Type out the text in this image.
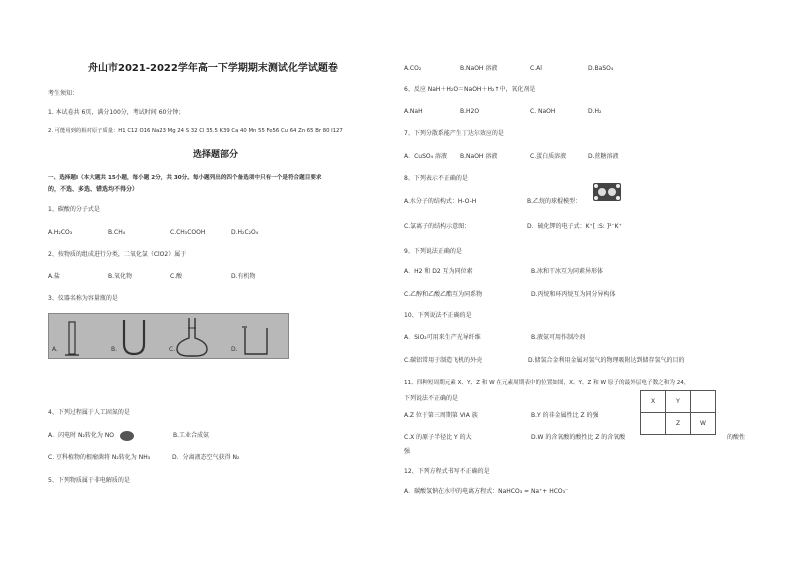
舟山市2021-2022学年高一下学期期末测试化学试题卷
考生须知：
1. 本试卷共 6页，满分100分，考试时间 60分钟；
2. 可能用到的相对原子质量：H1 C12 O16 Na23 Mg 24 S 32 Cl 35.5 K39 Ca 40 Mn 55 Fe56 Cu 64 Zn 65 Br 80 I127
选择题部分
一、选择题Ⅰ（本大题共 15小题，每小题 2分，共 30分。每小题列出的四个备选项中只有一个是符合题目要求
的，不选、多选、错选均不得分）
1、碳酸的分子式是
A.H₂CO₃	B.CH₄	C.CH₃COOH	D.H₂C₂O₄
2、按物质的组成进行分类，二氧化氯（ClO2）属于
A.盐	B.氧化物	C.酸	D.有机物
3、仪器名称为容量瓶的是
A.	B.	C.	D.
4、下列过程属于人工固氮的是
A．闪电时 N₂转化为 NO	B.工业合成氨
C. 豆科植物的根瘤菌将 N₂转化为 NH₃	D．分离液态空气获得 N₂
5、下列物质属于非电解质的是
A.CO₂	B.NaOH 溶液	C.Al	D.BaSO₄
6、反应 NaH＋H₂O＝NaOH＋H₂↑中，氧化剂是
A.NaH	B.H2O	C. NaOH	D.H₂
7、下列分散系能产生丁达尔效应的是
A．CuSO₄ 溶液 B.NaOH 溶液	C.蛋白质溶液	D.蔗糖溶液
8、下列表示不正确的是
A.水分子的结构式：H-O-H	B.乙烷的球棍模型：
C.氯离子的结构示意图：	D．硫化钾的电子式：K⁺[ :S: ]²⁻K⁺
9、下列说法正确的是
A．H2 和 D2 互为同位素	B.冰和干冰互为同素异形体
C.乙醇和乙酸乙酯互为同系物	D.丙烷和环丙烷互为同分异构体
10、下列说法不正确的是
A．SiO₂可用来生产光导纤维	B.液氨可用作制冷剂
C.碳铝常用于制造飞机的外壳	D.储氢合金利用金属对氢气的物理吸附达到储存氢气的目的
11、四种短周期元素 X、Y、Z 和 W 在元素周期表中的位置如图，X、Y、Z 和 W 原子的最外层电子数之和为 24，
下列说法不正确的是
A.Z 位于第三周期第 VIA 族	B.Y 的非金属性比 Z 的强
C.X 的原子半径比 Y 的大	D.W 的含氧酸的酸性比 Z 的含氧酸	的酸性
强
X	Y	
	Z	W
12、下列方程式书写不正确的是
A．碳酸氢钠在水中的电离方程式：NaHCO₃ = Na⁺+ HCO₃⁻
